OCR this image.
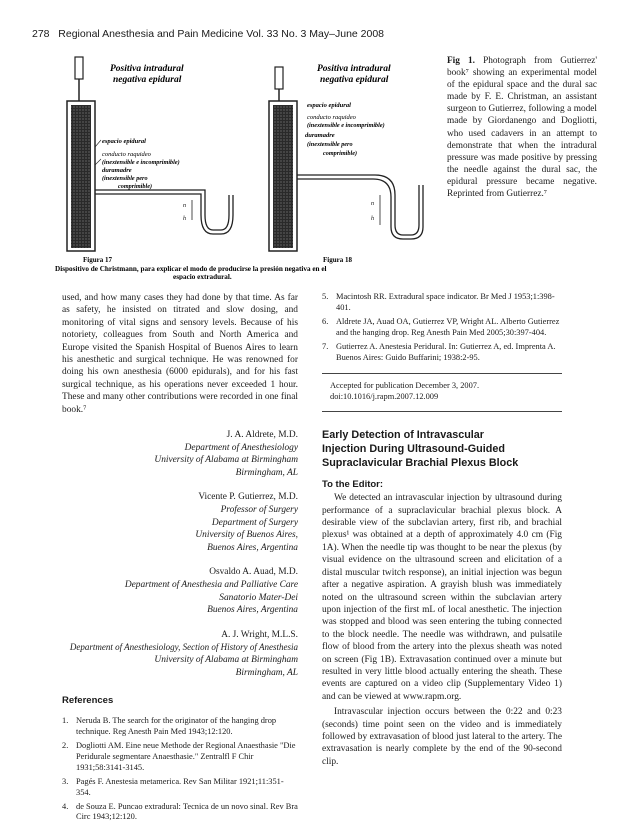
278 Regional Anesthesia and Pain Medicine Vol. 33 No. 3 May–June 2008
Positiva intradural
negativa epidural
n
h
espacio epidural
conducto raquideo
(inextensible e incomprimible)
duramadre
(inextensible pero
comprimible)
Figura 17
Positiva intradural
negativa epidural
n
h
espacio epidural
conducto raquideo
(inextensible e incomprimible)
duramadre
(inextensible pero
comprimible)
Figura 18
Dispositivo de Christmann, para explicar el modo de producirse la presión negativa en el
espacio extradural.
Fig 1. Photograph from Gutierrez' book⁷ showing an experimental model of the epidural space and the dural sac made by F. E. Christman, an assistant surgeon to Gutierrez, following a model made by Giordanengo and Dogliotti, who used cadavers in an attempt to demonstrate that when the intradural pressure was made positive by pressing the needle against the dural sac, the epidural pressure became negative. Reprinted from Gutierrez.⁷

used, and how many cases they had done by that time. As far as safety, he insisted on titrated and slow dosing, and monitoring of vital signs and sensory levels. Because of his notoriety, colleagues from South and North America and Europe visited the Spanish Hospital of Buenos Aires to learn his anesthetic and surgical technique. He was renowned for doing his own anesthesia (6000 epidurals), and for his fast surgical technique, as his operations never exceeded 1 hour. These and many other contributions were recorded in one final book.⁷

J. A. Aldrete, M.D.
Department of Anesthesiology
University of Alabama at Birmingham
Birmingham, AL
Vicente P. Gutierrez, M.D.
Professor of Surgery
Department of Surgery
University of Buenos Aires,
Buenos Aires, Argentina
Osvaldo A. Auad, M.D.
Department of Anesthesia and Palliative Care
Sanatorio Mater-Dei
Buenos Aires, Argentina
A. J. Wright, M.L.S.
Department of Anesthesiology, Section of History of Anesthesia
University of Alabama at Birmingham
Birmingham, AL
References
1. Neruda B. The search for the originator of the hanging drop technique. Reg Anesth Pain Med 1943;12:120.
2. Dogliotti AM. Eine neue Methode der Regional Anaesthasie "Die Peridurale segmentare Anaesthasie." Zentralfl F Chir 1931;58:3141-3145.
3. Pagés F. Anestesia metamerica. Rev San Militar 1921;11:351-354.
4. de Souza E. Puncao extradural: Tecnica de un novo sinal. Rev Bra Circ 1943;12:120.
5. Macintosh RR. Extradural space indicator. Br Med J 1953;1:398-401.
6. Aldrete JA, Auad OA, Gutierrez VP, Wright AL. Alberto Gutierrez and the hanging drop. Reg Anesth Pain Med 2005;30:397-404.
7. Gutierrez A. Anestesia Peridural. In: Gutierrez A, ed. Imprenta A. Buenos Aires: Guido Buffarini; 1938:2-95.
Accepted for publication December 3, 2007.
doi:10.1016/j.rapm.2007.12.009
Early Detection of Intravascular Injection During Ultrasound-Guided Supraclavicular Brachial Plexus Block
To the Editor:

We detected an intravascular injection by ultrasound during performance of a supraclavicular brachial plexus block. A desirable view of the subclavian artery, first rib, and brachial plexus¹ was obtained at a depth of approximately 4.0 cm (Fig 1A). When the needle tip was thought to be near the plexus (by visual evidence on the ultrasound screen and elicitation of a distal muscular twitch response), an initial injection was begun after a negative aspiration. A grayish blush was immediately noted on the ultrasound screen within the subclavian artery upon injection of the first mL of local anesthetic. The injection was stopped and blood was seen entering the tubing connected to the block needle. The needle was withdrawn, and pulsatile flow of blood from the artery into the plexus sheath was noted on screen (Fig 1B). Extravasation continued over a minute but resulted in very little blood actually entering the sheath. These events are captured on a video clip (Supplementary Video 1) and can be viewed at www.rapm.org.

Intravascular injection occurs between the 0:22 and 0:23 (seconds) time point seen on the video and is immediately followed by extravasation of blood just lateral to the artery. The extravasation is nearly complete by the end of the 90-second clip.
